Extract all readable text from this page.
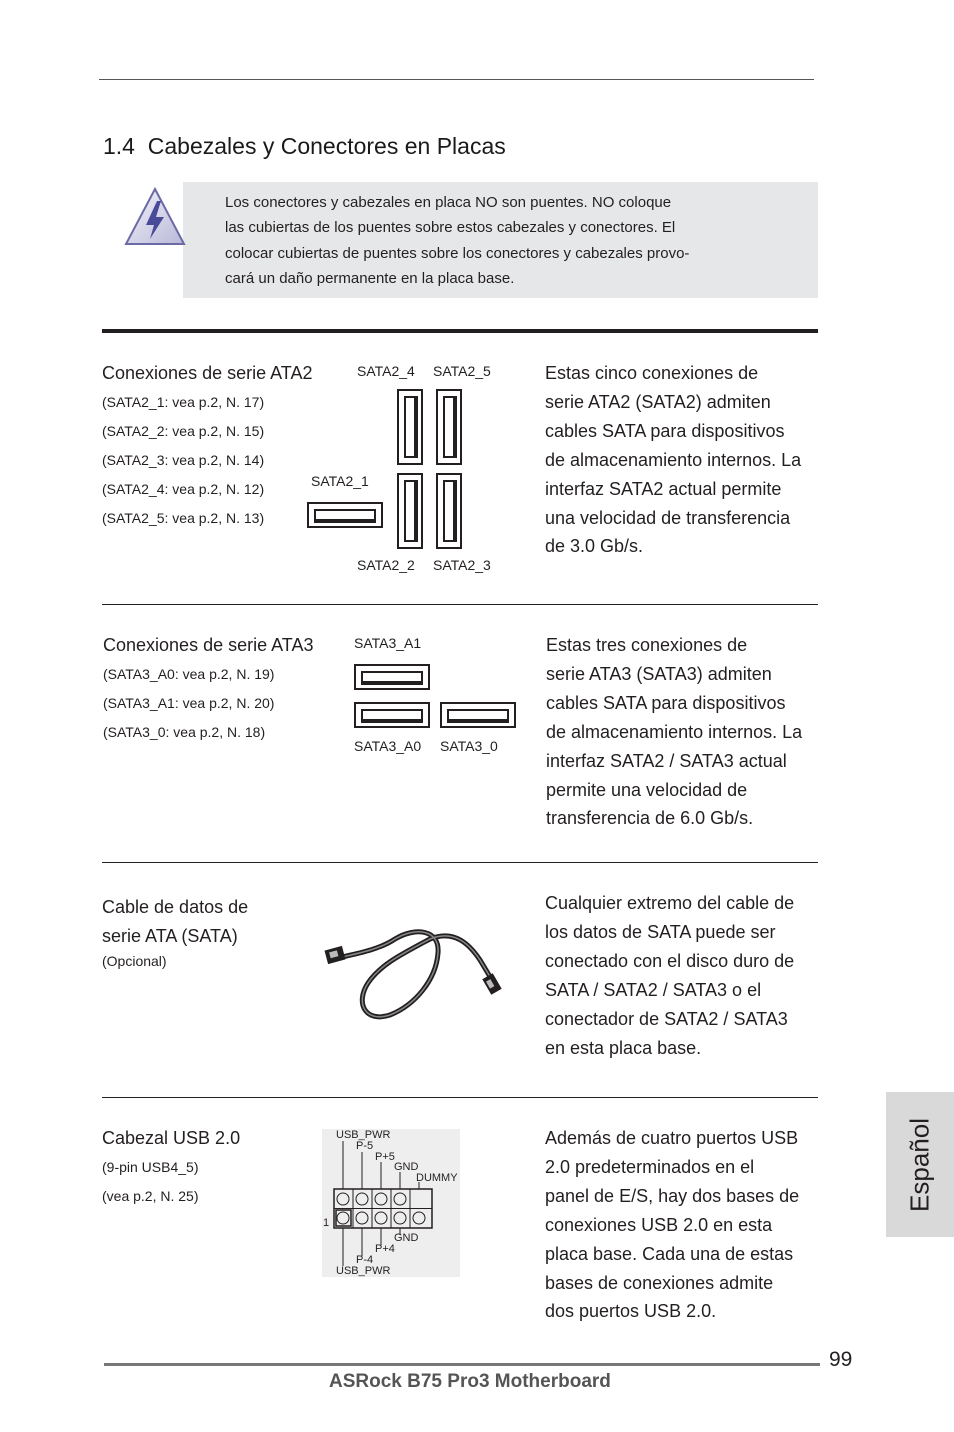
1.4 Cabezales y Conectores en Placas
Los conectores y cabezales en placa NO son puentes. NO coloque
las cubiertas de los puentes sobre estos cabezales y conectores. El
colocar cubiertas de puentes sobre los conectores y cabezales provo-
cará un daño permanente en la placa base.
Conexiones de serie ATA2
(SATA2_1: vea p.2, N. 17)
(SATA2_2: vea p.2, N. 15)
(SATA2_3: vea p.2, N. 14)
(SATA2_4: vea p.2, N. 12)
(SATA2_5: vea p.2, N. 13)
SATA2_4 SATA2_5
SATA2_1
SATA2_2 SATA2_3
Estas cinco conexiones de
serie ATA2 (SATA2) admiten
cables SATA para dispositivos
de almacenamiento internos. La
interfaz SATA2 actual permite
una velocidad de transferencia
de 3.0 Gb/s.
Conexiones de serie ATA3
(SATA3_A0: vea p.2, N. 19)
(SATA3_A1: vea p.2, N. 20)
(SATA3_0: vea p.2, N. 18)
SATA3_A1
SATA3_A0 SATA3_0
Estas tres conexiones de
serie ATA3 (SATA3) admiten
cables SATA para dispositivos
de almacenamiento internos. La
interfaz SATA2 / SATA3 actual
permite una velocidad de
transferencia de 6.0 Gb/s.
Cable de datos de
serie ATA (SATA)
(Opcional)
Cualquier extremo del cable de
los datos de SATA puede ser
conectado con el disco duro de
SATA / SATA2 / SATA3 o el
conectador de SATA2 / SATA3
en esta placa base.
Cabezal USB 2.0
(9-pin USB4_5)
(vea p.2, N. 25)
USB_PWR
P-5
P+5
GND
DUMMY
1
GND
P+4
P-4
USB_PWR
Además de cuatro puertos USB
2.0 predeterminados en el
panel de E/S, hay dos bases de
conexiones USB 2.0 en esta
placa base. Cada una de estas
bases de conexiones admite
dos puertos USB 2.0.
Español
99
ASRock B75 Pro3 Motherboard
